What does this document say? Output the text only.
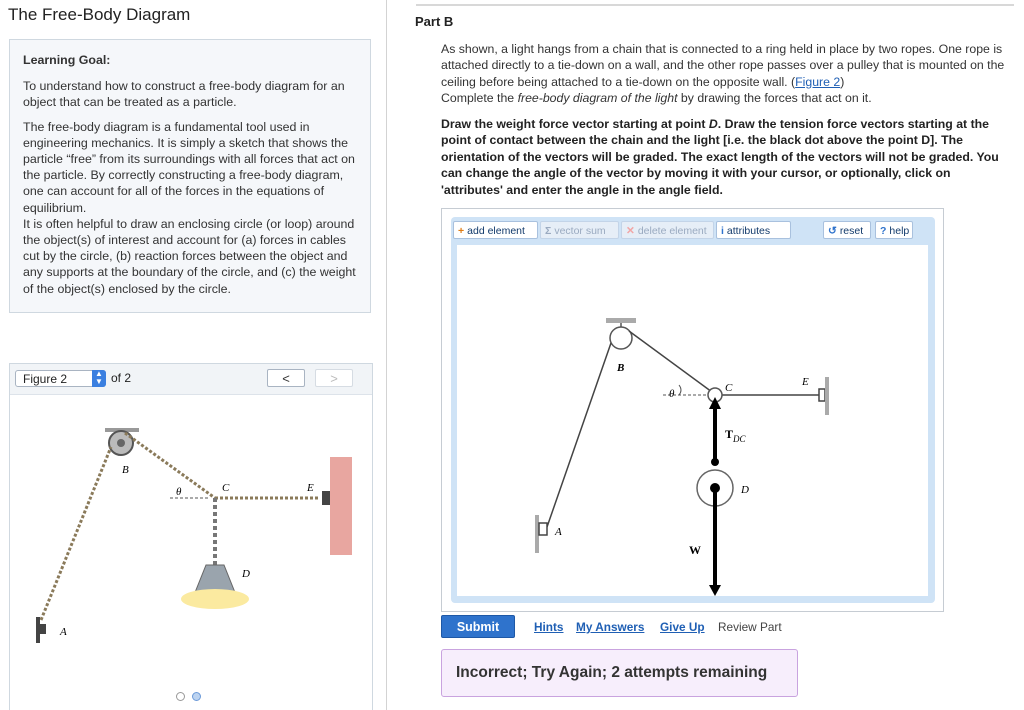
The Free-Body Diagram
Learning Goal:

To understand how to construct a free-body diagram for an object that can be treated as a particle.

The free-body diagram is a fundamental tool used in engineering mechanics. It is simply a sketch that shows the particle “free” from its surroundings with all forces that act on the particle. By correctly constructing a free-body diagram, one can account for all of the forces in the equations of equilibrium.

It is often helpful to draw an enclosing circle (or loop) around the object(s) of interest and account for (a) forces in cables cut by the circle, (b) reaction forces between the object and any supports at the boundary of the circle, and (c) the weight of the object(s) enclosed by the circle.

Figure 2	▲
▼ of 2	<	>
B
C
θ	E
D
A
Part B
As shown, a light hangs from a chain that is connected to a ring held in place by two ropes. One rope is attached directly to a tie-down on a wall, and the other rope passes over a pulley that is mounted on the ceiling before being attached to a tie-down on the opposite wall. (Figure 2)
Complete the free-body diagram of the light by drawing the forces that act on it.
Draw the weight force vector starting at point D. Draw the tension force vectors starting at the point of contact between the chain and the light [i.e. the black dot above the point D]. The orientation of the vectors will be graded. The exact length of the vectors will not be graded. You can change the angle of the vector by moving it with your cursor, or optionally, click on 'attributes' and enter the angle in the angle field.
+ add element	Σ vector sum	✕ delete element	i attributes	↺ reset	? help
B
C
θ
E
D
A
T DC
W
Submit	Hints My Answers Give Up Review Part
Incorrect; Try Again; 2 attempts remaining
